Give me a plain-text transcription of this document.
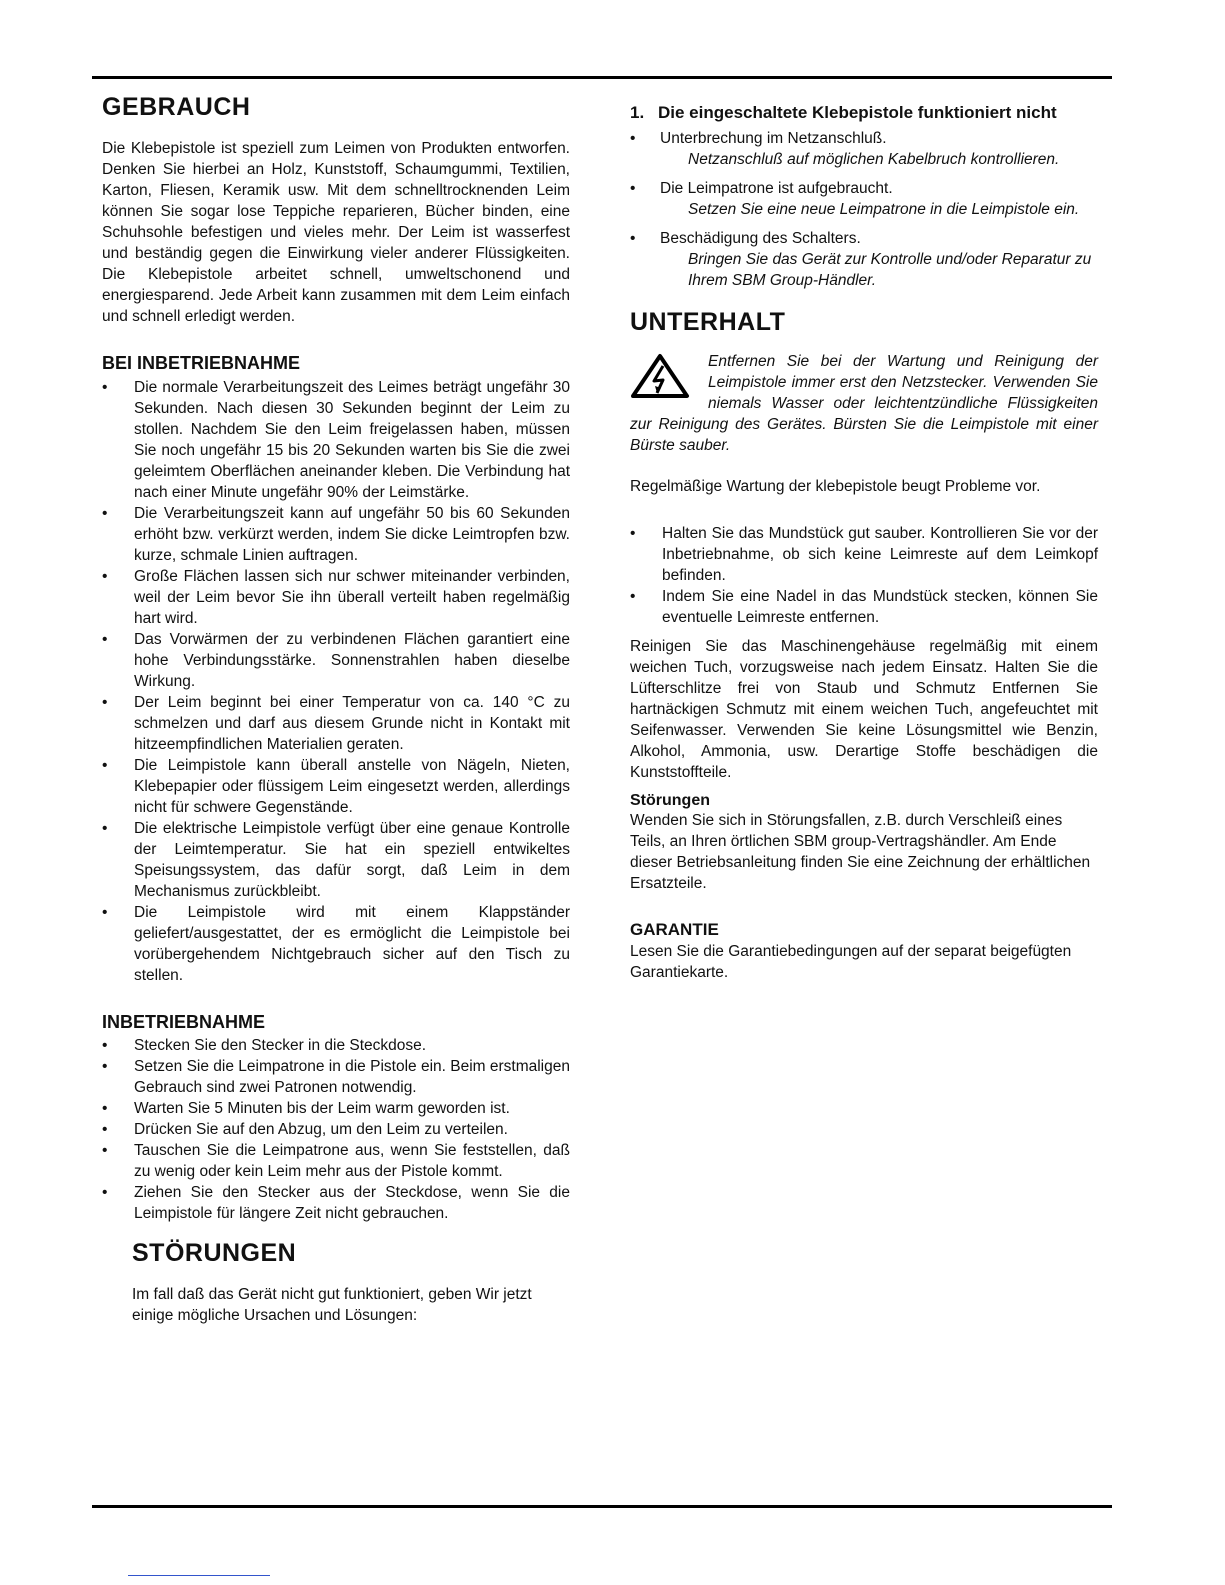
GEBRAUCH

Die Klebepistole ist speziell zum Leimen von Produkten entworfen. Denken Sie hierbei an Holz, Kunststoff, Schaumgummi, Textilien, Karton, Fliesen, Keramik usw. Mit dem schnelltrocknenden Leim können Sie sogar lose Teppiche reparieren, Bücher binden, eine Schuhsohle befestigen und vieles mehr. Der Leim ist wasserfest und beständig gegen die Einwirkung vieler anderer Flüssigkeiten. Die Klebepistole arbeitet schnell, umweltschonend und energiesparend. Jede Arbeit kann zusammen mit dem Leim einfach und schnell erledigt werden.

BEI INBETRIEBNAHME
• Die normale Verarbeitungszeit des Leimes beträgt ungefähr 30 Sekunden. Nach diesen 30 Sekunden beginnt der Leim zu stollen. Nachdem Sie den Leim freigelassen haben, müssen Sie noch ungefähr 15 bis 20 Sekunden warten bis Sie die zwei geleimtem Oberflächen aneinander kleben. Die Verbindung hat nach einer Minute ungefähr 90% der Leimstärke.
• Die Verarbeitungszeit kann auf ungefähr 50 bis 60 Sekunden erhöht bzw. verkürzt werden, indem Sie dicke Leimtropfen bzw. kurze, schmale Linien auftragen.
• Große Flächen lassen sich nur schwer miteinander verbinden, weil der Leim bevor Sie ihn überall verteilt haben regelmäßig hart wird.
• Das Vorwärmen der zu verbindenen Flächen garantiert eine hohe Verbindungsstärke. Sonnenstrahlen haben dieselbe Wirkung.
• Der Leim beginnt bei einer Temperatur von ca. 140 °C zu schmelzen und darf aus diesem Grunde nicht in Kontakt mit hitzeempfindlichen Materialien geraten.
• Die Leimpistole kann überall anstelle von Nägeln, Nieten, Klebepapier oder flüssigem Leim eingesetzt werden, allerdings nicht für schwere Gegenstände.
• Die elektrische Leimpistole verfügt über eine genaue Kontrolle der Leimtemperatur. Sie hat ein speziell entwikeltes Speisungssystem, das dafür sorgt, daß Leim in dem Mechanismus zurückbleibt.
• Die Leimpistole wird mit einem Klappständer geliefert/ausgestattet, der es ermöglicht die Leimpistole bei vorübergehendem Nichtgebrauch sicher auf den Tisch zu stellen.
INBETRIEBNAHME
• Stecken Sie den Stecker in die Steckdose.
• Setzen Sie die Leimpatrone in die Pistole ein. Beim erstmaligen Gebrauch sind zwei Patronen notwendig.
• Warten Sie 5 Minuten bis der Leim warm geworden ist.
• Drücken Sie auf den Abzug, um den Leim zu verteilen.
• Tauschen Sie die Leimpatrone aus, wenn Sie feststellen, daß zu wenig oder kein Leim mehr aus der Pistole kommt.
• Ziehen Sie den Stecker aus der Steckdose, wenn Sie die Leimpistole für längere Zeit nicht gebrauchen.
STÖRUNGEN

Im fall daß das Gerät nicht gut funktioniert, geben Wir jetzt einige mögliche Ursachen und Lösungen:

1. Die eingeschaltete Klebepistole funktioniert nicht
• Unterbrechung im Netzanschluß.
Netzanschluß auf möglichen Kabelbruch kontrollieren.
• Die Leimpatrone ist aufgebraucht.
Setzen Sie eine neue Leimpatrone in die Leimpistole ein.
• Beschädigung des Schalters.
Bringen Sie das Gerät zur Kontrolle und/oder Reparatur zu Ihrem SBM Group-Händler.
UNTERHALT
Entfernen Sie bei der Wartung und Reinigung der Leimpistole immer erst den Netzstecker. Verwenden Sie niemals Wasser oder leichtentzündliche Flüssigkeiten zur Reinigung des Gerätes. Bürsten Sie die Leimpistole mit einer Bürste sauber.

Regelmäßige Wartung der klebepistole beugt Probleme vor.

• Halten Sie das Mundstück gut sauber. Kontrollieren Sie vor der Inbetriebnahme, ob sich keine Leimreste auf dem Leimkopf befinden.
• Indem Sie eine Nadel in das Mundstück stecken, können Sie eventuelle Leimreste entfernen.

Reinigen Sie das Maschinengehäuse regelmäßig mit einem weichen Tuch, vorzugsweise nach jedem Einsatz. Halten Sie die Lüfterschlitze frei von Staub und Schmutz Entfernen Sie hartnäckigen Schmutz mit einem weichen Tuch, angefeuchtet mit Seifenwasser. Verwenden Sie keine Lösungsmittel wie Benzin, Alkohol, Ammonia, usw. Derartige Stoffe beschädigen die Kunststoffteile.

Störungen

Wenden Sie sich in Störungsfallen, z.B. durch Verschleiß eines Teils, an Ihren örtlichen SBM group-Vertragshändler. Am Ende dieser Betriebsanleitung finden Sie eine Zeichnung der erhältlichen Ersatzteile.

GARANTIE

Lesen Sie die Garantiebedingungen auf der separat beigefügten Garantiekarte.
